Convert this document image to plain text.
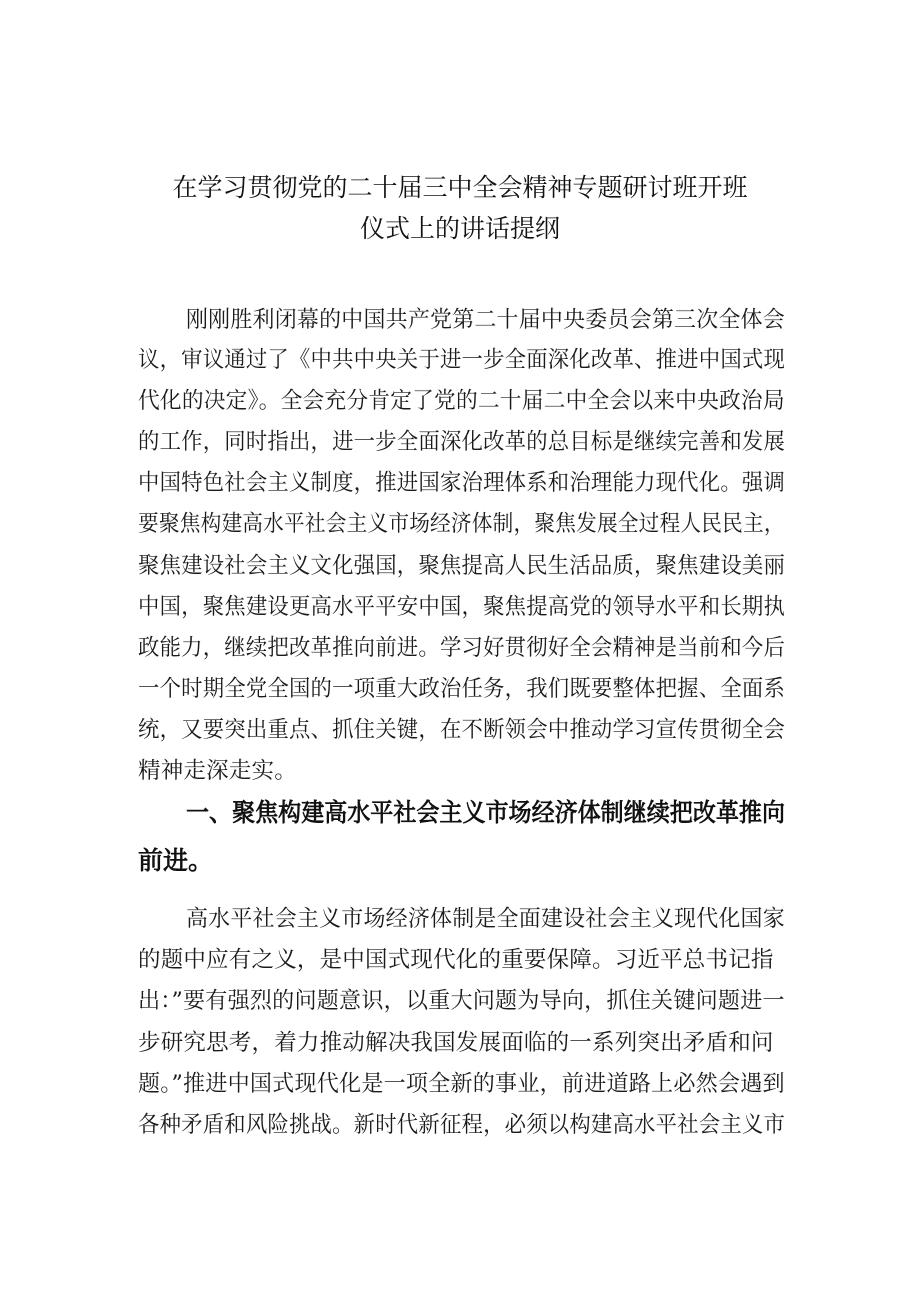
在学习贯彻党的二十届三中全会精神专题研讨班开班
仪式上的讲话提纲
刚刚胜利闭幕的中国共产党第二十届中央委员会第三次全体会
议，审议通过了《中共中央关于进一步全面深化改革、推进中国式现
代化的决定》。全会充分肯定了党的二十届二中全会以来中央政治局
的工作，同时指出，进一步全面深化改革的总目标是继续完善和发展
中国特色社会主义制度，推进国家治理体系和治理能力现代化。强调
要聚焦构建高水平社会主义市场经济体制，聚焦发展全过程人民民主，
聚焦建设社会主义文化强国，聚焦提高人民生活品质，聚焦建设美丽
中国，聚焦建设更高水平平安中国，聚焦提高党的领导水平和长期执
政能力，继续把改革推向前进。学习好贯彻好全会精神是当前和今后
一个时期全党全国的一项重大政治任务，我们既要整体把握、全面系
统，又要突出重点、抓住关键，在不断领会中推动学习宣传贯彻全会
精神走深走实。
一、聚焦构建高水平社会主义市场经济体制继续把改革推向
前进。
高水平社会主义市场经济体制是全面建设社会主义现代化国家
的题中应有之义，是中国式现代化的重要保障。习近平总书记指
出：”要有强烈的问题意识，以重大问题为导向，抓住关键问题进一
步研究思考，着力推动解决我国发展面临的一系列突出矛盾和问
题。”推进中国式现代化是一项全新的事业，前进道路上必然会遇到
各种矛盾和风险挑战。新时代新征程，必须以构建高水平社会主义市
